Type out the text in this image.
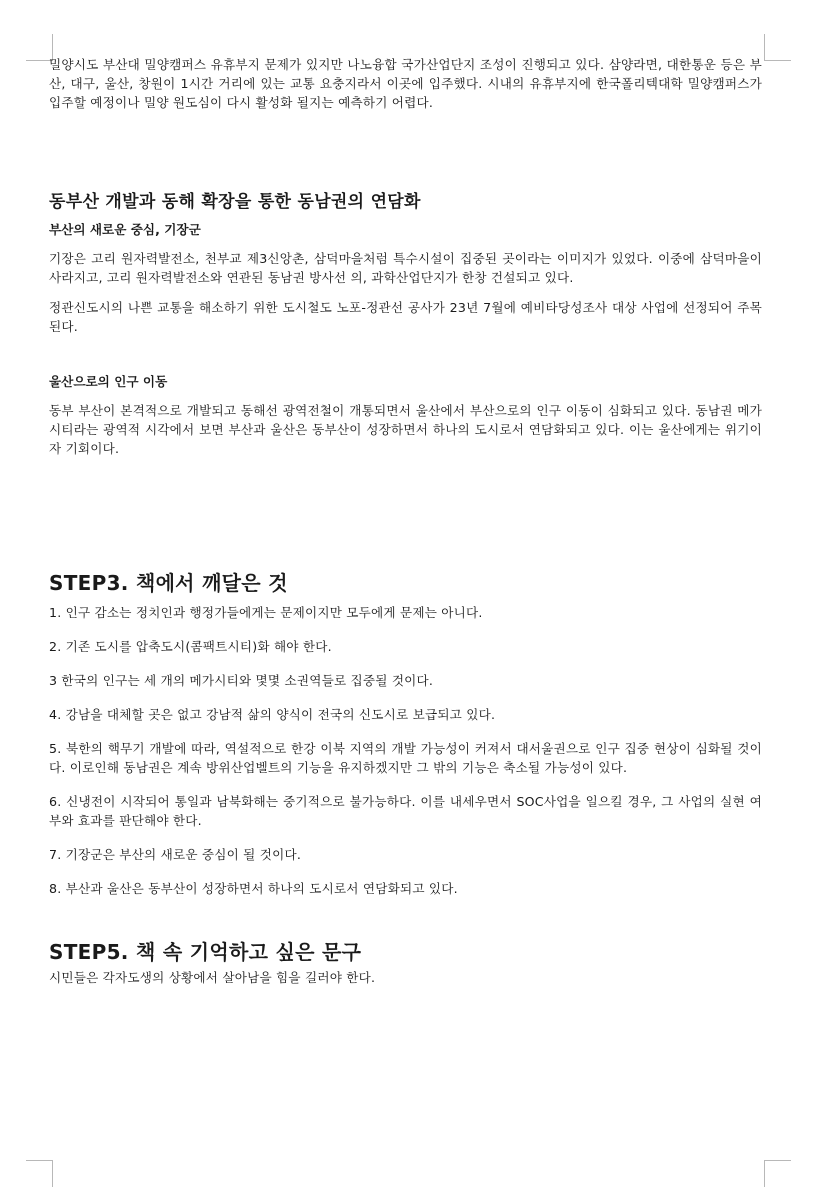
밀양시도 부산대 밀양캠퍼스 유휴부지 문제가 있지만 나노융합 국가산업단지 조성이 진행되고 있다. 삼양라면, 대한통운 등은 부산, 대구, 울산, 창원이 1시간 거리에 있는 교통 요충지라서 이곳에 입주했다. 시내의 유휴부지에 한국폴리텍대학 밀양캠퍼스가 입주할 예정이나 밀양 원도심이 다시 활성화 될지는 예측하기 어렵다.

동부산 개발과 동해 확장을 통한 동남권의 연담화
부산의 새로운 중심, 기장군

기장은 고리 원자력발전소, 천부교 제3신앙촌, 삼덕마을처럼 특수시설이 집중된 곳이라는 이미지가 있었다. 이중에 삼덕마을이 사라지고, 고리 원자력발전소와 연관된 동남권 방사선 의, 과학산업단지가 한창 건설되고 있다.

정관신도시의 나쁜 교통을 해소하기 위한 도시철도 노포-정관선 공사가 23년 7월에 예비타당성조사 대상 사업에 선정되어 주목된다.

울산으로의 인구 이동

동부 부산이 본격적으로 개발되고 동해선 광역전철이 개통되면서 울산에서 부산으로의 인구 이동이 심화되고 있다. 동남권 메가시티라는 광역적 시각에서 보면 부산과 울산은 동부산이 성장하면서 하나의 도시로서 연담화되고 있다. 이는 울산에게는 위기이자 기회이다.

STEP3. 책에서 깨달은 것

1. 인구 감소는 정치인과 행정가들에게는 문제이지만 모두에게 문제는 아니다.

2. 기존 도시를 압축도시(콤팩트시티)화 해야 한다.

3 한국의 인구는 세 개의 메가시티와 몇몇 소권역들로 집중될 것이다.

4. 강남을 대체할 곳은 없고 강남적 삶의 양식이 전국의 신도시로 보급되고 있다.

5. 북한의 핵무기 개발에 따라, 역설적으로 한강 이북 지역의 개발 가능성이 커져서 대서울권으로 인구 집중 현상이 심화될 것이다. 이로인해 동남권은 계속 방위산업벨트의 기능을 유지하겠지만 그 밖의 기능은 축소될 가능성이 있다.

6. 신냉전이 시작되어 통일과 남북화해는 중기적으로 불가능하다. 이를 내세우면서 SOC사업을 일으킬 경우, 그 사업의 실현 여부와 효과를 판단해야 한다.

7. 기장군은 부산의 새로운 중심이 될 것이다.

8. 부산과 울산은 동부산이 성장하면서 하나의 도시로서 연담화되고 있다.

STEP5. 책 속 기억하고 싶은 문구

시민들은 각자도생의 상황에서 살아남을 힘을 길러야 한다.
